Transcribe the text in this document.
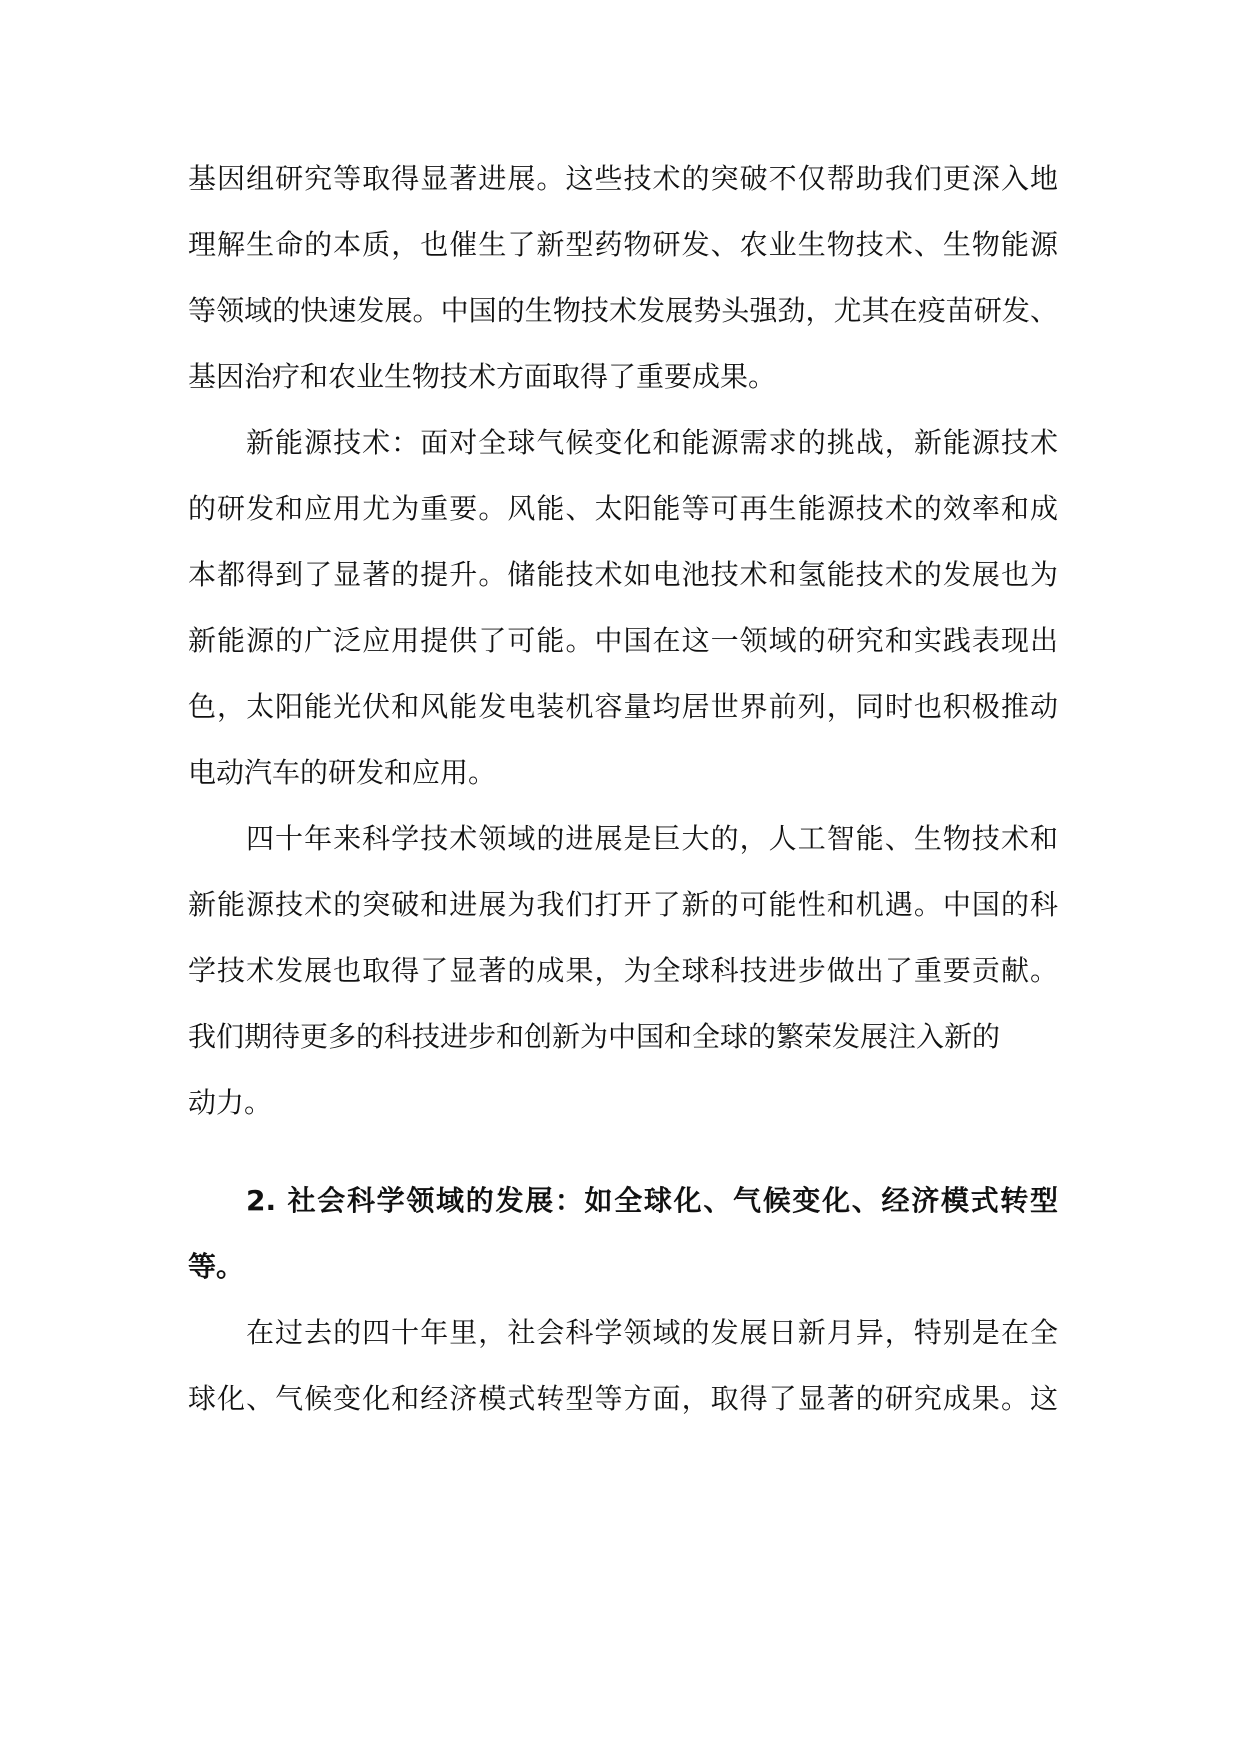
基因组研究等取得显著进展。这些技术的突破不仅帮助我们更深入地
理解生命的本质，也催生了新型药物研发、农业生物技术、生物能源
等领域的快速发展。中国的生物技术发展势头强劲，尤其在疫苗研发、
基因治疗和农业生物技术方面取得了重要成果。
新能源技术：面对全球气候变化和能源需求的挑战，新能源技术
的研发和应用尤为重要。风能、太阳能等可再生能源技术的效率和成
本都得到了显著的提升。储能技术如电池技术和氢能技术的发展也为
新能源的广泛应用提供了可能。中国在这一领域的研究和实践表现出
色，太阳能光伏和风能发电装机容量均居世界前列，同时也积极推动
电动汽车的研发和应用。
四十年来科学技术领域的进展是巨大的，人工智能、生物技术和
新能源技术的突破和进展为我们打开了新的可能性和机遇。中国的科
学技术发展也取得了显著的成果，为全球科技进步做出了重要贡献。
我们期待更多的科技进步和创新为中国和全球的繁荣发展注入新的
动力。
2. 社会科学领域的发展：如全球化、气候变化、经济模式转型
等。
在过去的四十年里，社会科学领域的发展日新月异，特别是在全
球化、气候变化和经济模式转型等方面，取得了显著的研究成果。这
